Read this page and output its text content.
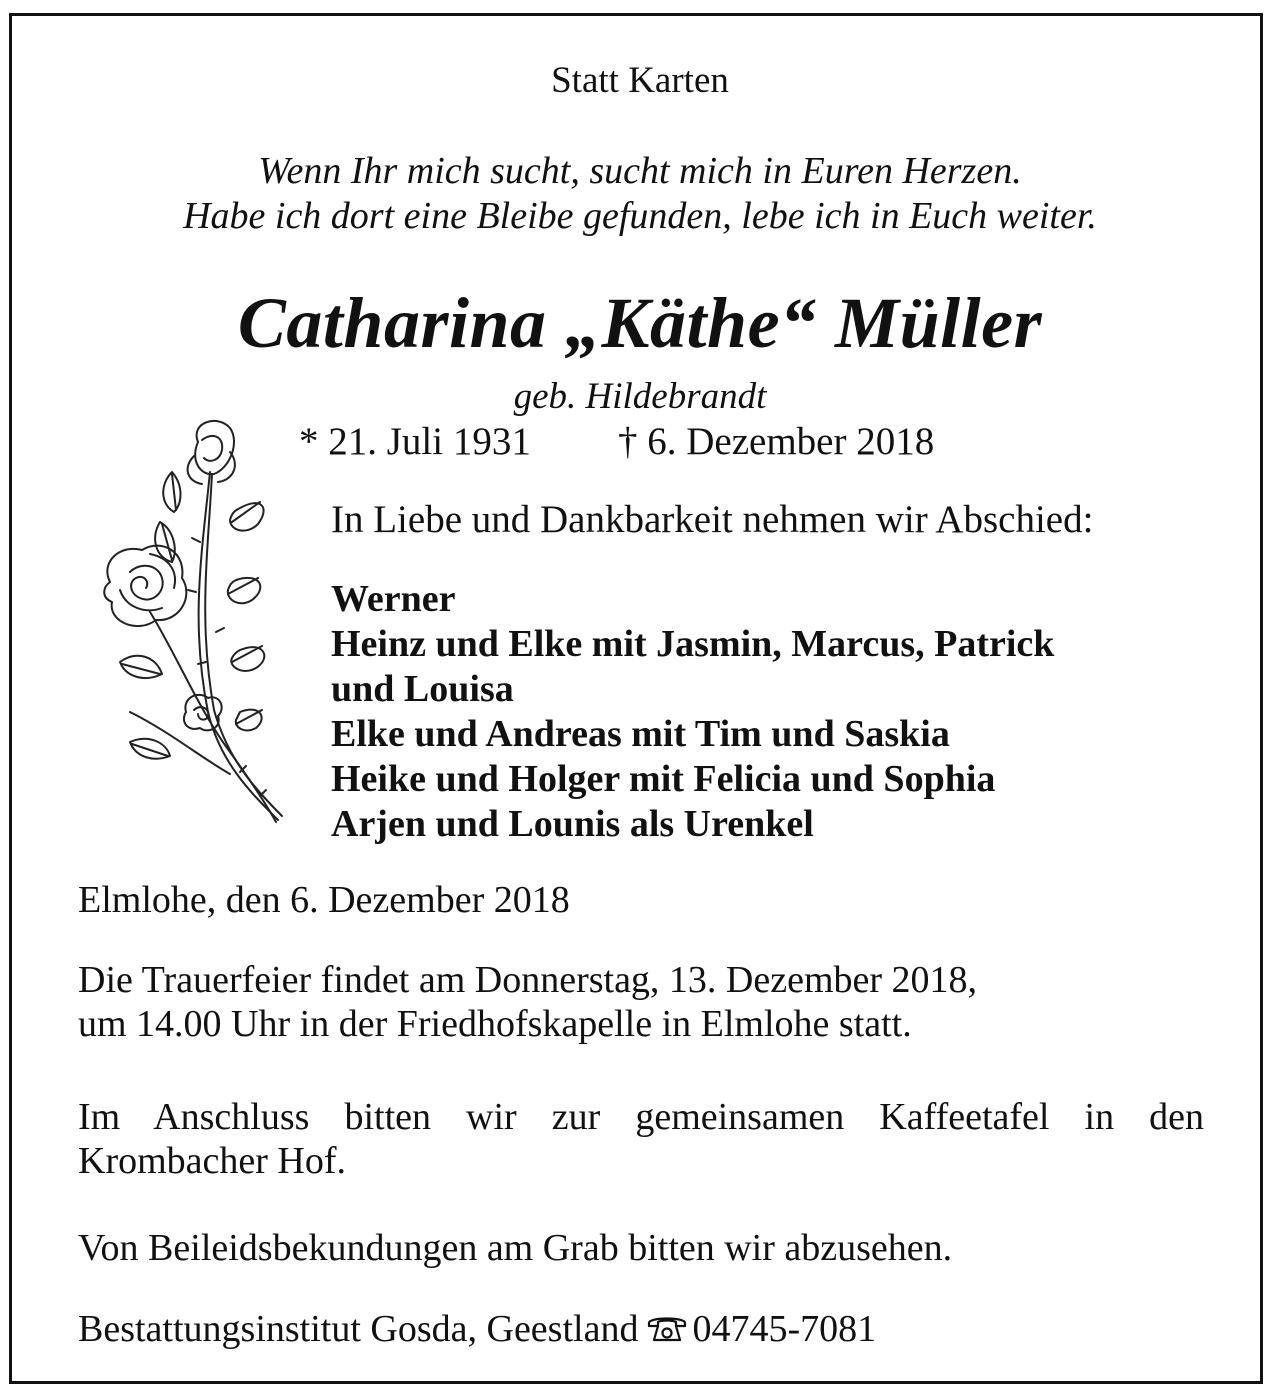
Statt Karten
Wenn Ihr mich sucht, sucht mich in Euren Herzen.
Habe ich dort eine Bleibe gefunden, lebe ich in Euch weiter.
Catharina „Käthe“ Müller
geb. Hildebrandt
* 21. Juli 1931 † 6. Dezember 2018
In Liebe und Dankbarkeit nehmen wir Abschied:
Werner
Heinz und Elke mit Jasmin, Marcus, Patrick
und Louisa
Elke und Andreas mit Tim und Saskia
Heike und Holger mit Felicia und Sophia
Arjen und Lounis als Urenkel
Elmlohe, den 6. Dezember 2018
Die Trauerfeier findet am Donnerstag, 13. Dezember 2018,
um 14.00 Uhr in der Friedhofskapelle in Elmlohe statt.
Im Anschluss bitten wir zur gemeinsamen Kaffeetafel in den
Krombacher Hof.
Von Beileidsbekundungen am Grab bitten wir abzusehen.
Bestattungsinstitut Gosda, Geestland 04745-7081
